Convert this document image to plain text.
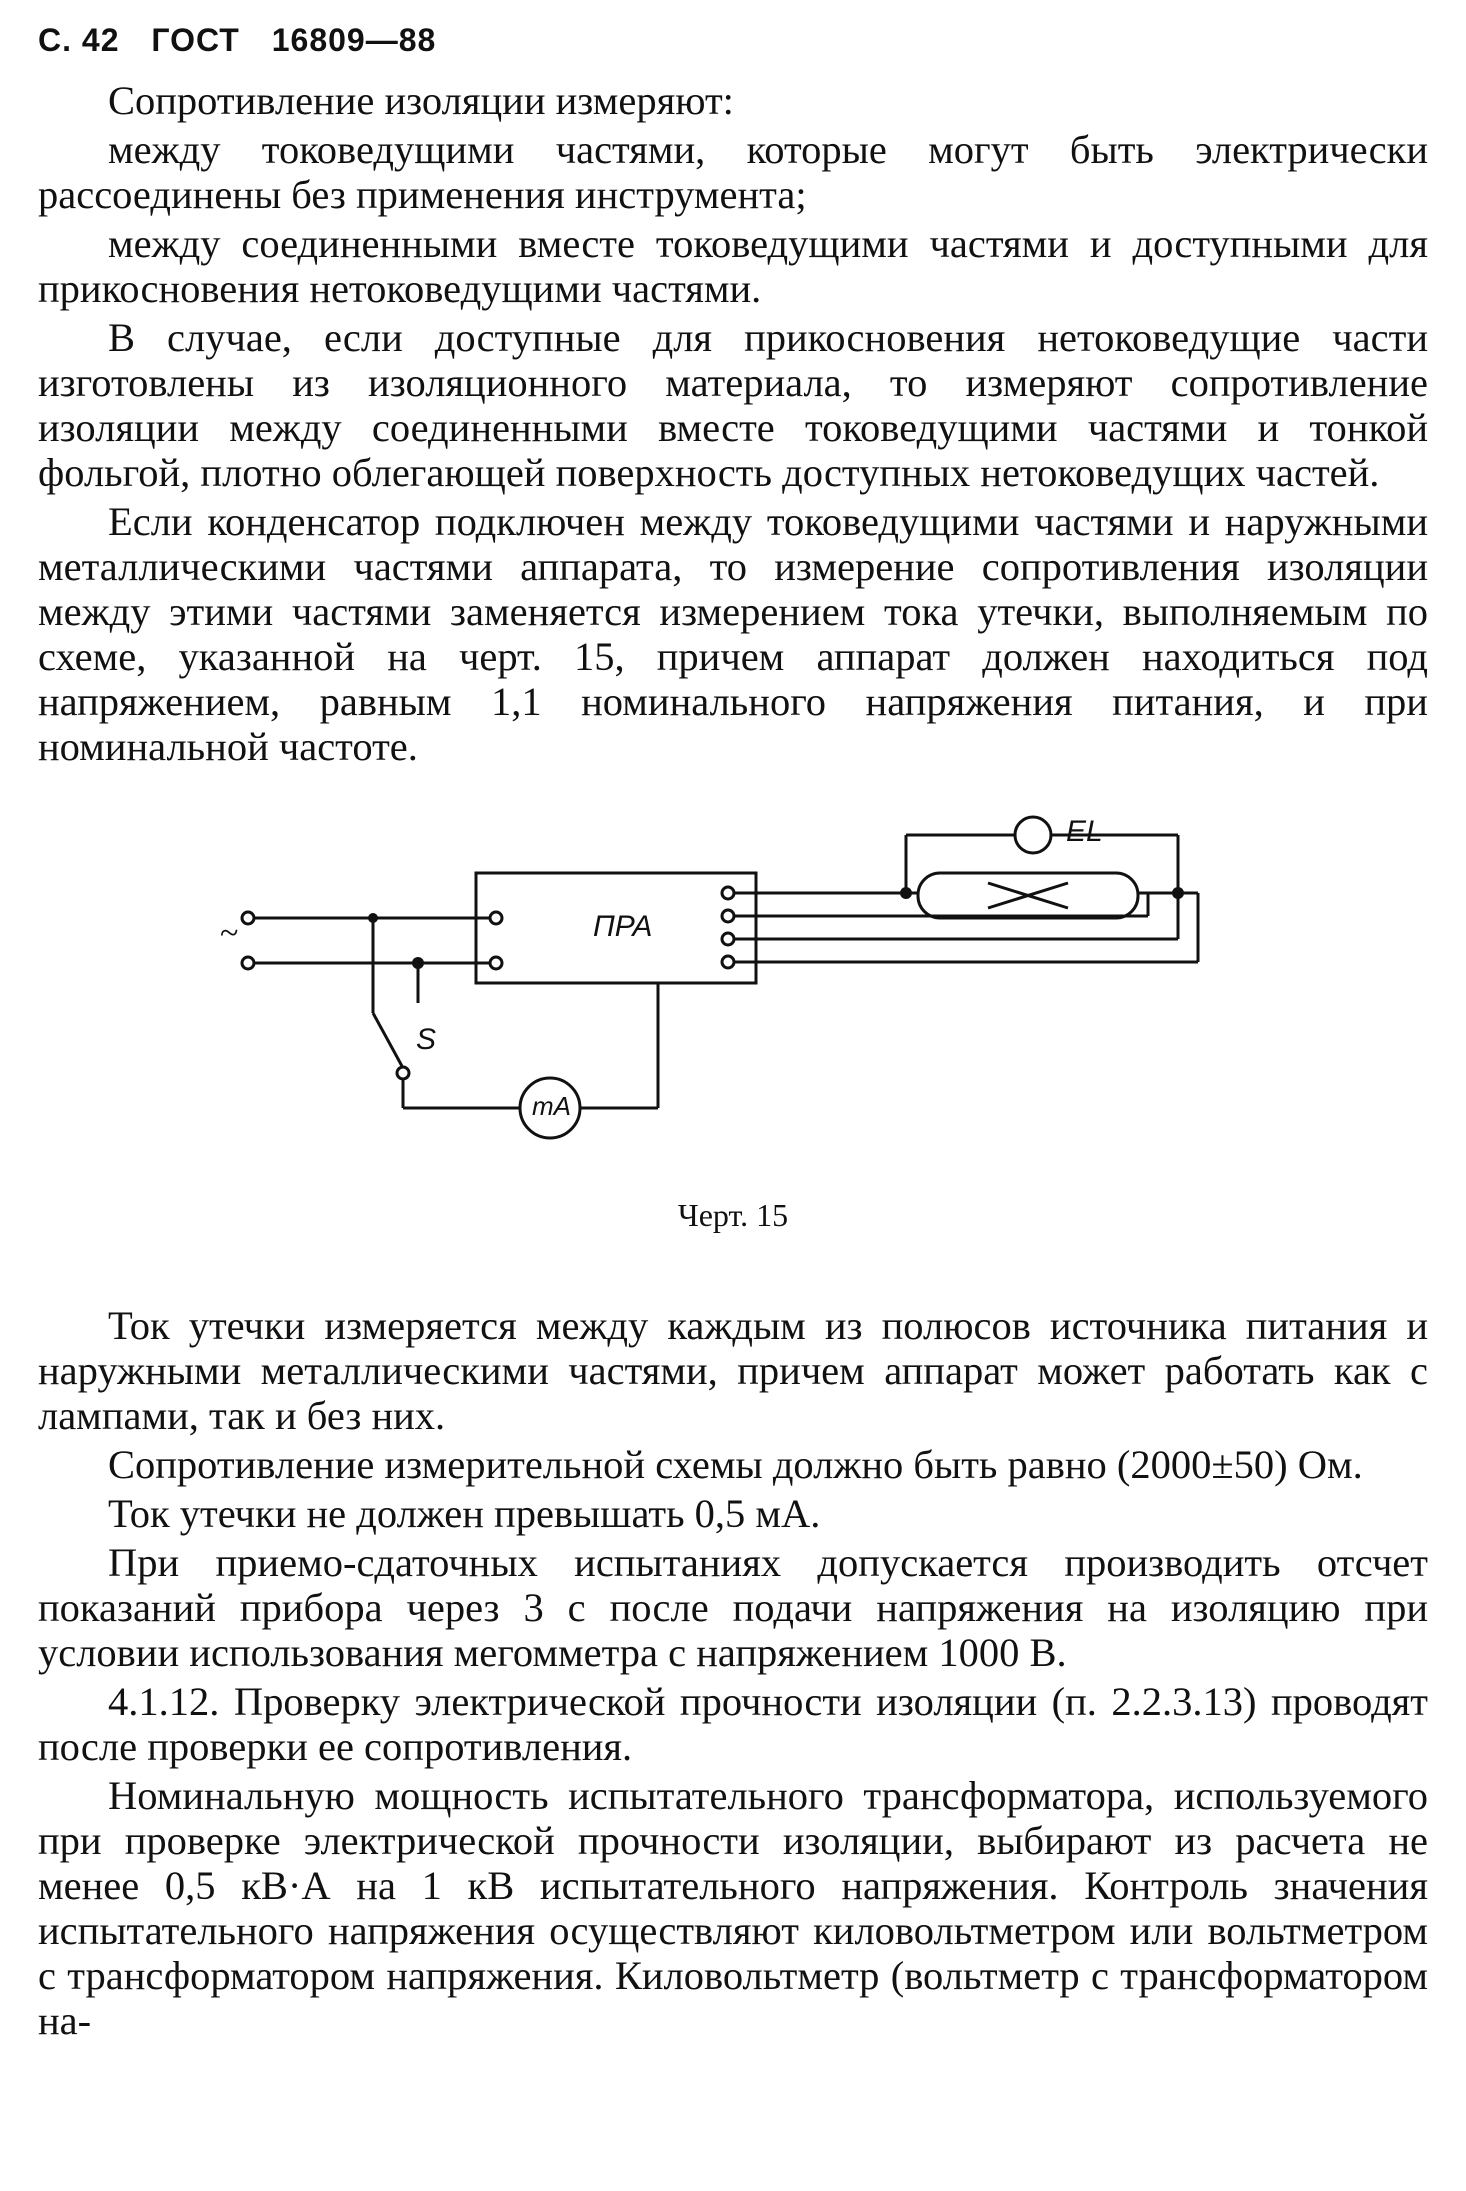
С. 42 ГОСТ 16809—88

Сопротивление изоляции измеряют:

между токоведущими частями, которые могут быть электрически рассоединены без применения инструмента;

между соединенными вместе токоведущими частями и доступными для прикосновения нетоковедущими частями.

В случае, если доступные для прикосновения нетоковедущие части изготовлены из изоляционного материала, то измеряют сопротивление изоляции между соединенными вместе токоведущими частями и тонкой фольгой, плотно облегающей поверхность доступных нетоковедущих частей.

Если конденсатор подключен между токоведущими частями и наружными металлическими частями аппарата, то измерение сопротивления изоляции между этими частями заменяется измерением тока утечки, выполняемым по схеме, указанной на черт. 15, причем аппарат должен находиться под напряжением, равным 1,1 номинального напряжения питания, и при номинальной частоте.

ПРА
EL
S
mA
~
Черт. 15

Ток утечки измеряется между каждым из полюсов источника питания и наружными металлическими частями, причем аппарат может работать как с лампами, так и без них.

Сопротивление измерительной схемы должно быть равно (2000±50) Ом.

Ток утечки не должен превышать 0,5 мА.

При приемо-сдаточных испытаниях допускается производить отсчет показаний прибора через 3 с после подачи напряжения на изоляцию при условии использования мегомметра с напряжением 1000 В.

4.1.12. Проверку электрической прочности изоляции (п. 2.2.3.13) проводят после проверки ее сопротивления.

Номинальную мощность испытательного трансформатора, используемого при проверке электрической прочности изоляции, выбирают из расчета не менее 0,5 кВ·А на 1 кВ испытательного напряжения. Контроль значения испытательного напряжения осуществляют киловольтметром или вольтметром с трансформатором напряжения. Киловольтметр (вольтметр с трансформатором на-
